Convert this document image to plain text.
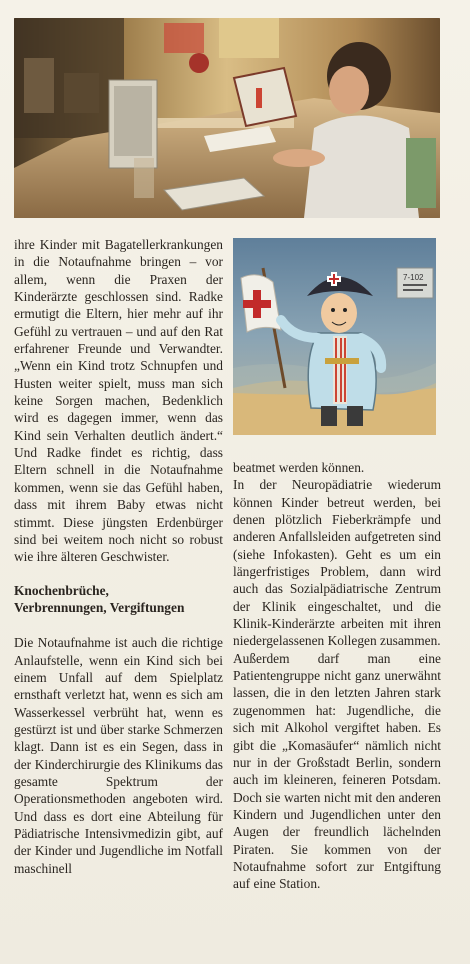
7-102

ihre Kinder mit Bagatellerkrankungen in die Notaufnahme bringen – vor allem, wenn die Praxen der Kinderärzte geschlossen sind. Radke ermutigt die Eltern, hier mehr auf ihr Gefühl zu vertrauen – und auf den Rat erfahrener Freunde und Verwandter. „Wenn ein Kind trotz Schnupfen und Husten weiter spielt, muss man sich keine Sorgen machen, Bedenklich wird es dagegen immer, wenn das Kind sein Verhalten deutlich ändert.“ Und Radke findet es richtig, dass Eltern schnell in die Notaufnahme kommen, wenn sie das Gefühl haben, dass mit ihrem Baby etwas nicht stimmt. Diese jüngsten Erdenbürger sind bei weitem noch nicht so robust wie ihre älteren Geschwister.

Knochenbrüche,

Verbrennungen, Vergiftungen

Die Notaufnahme ist auch die richtige Anlaufstelle, wenn ein Kind sich bei einem Unfall auf dem Spielplatz ernsthaft verletzt hat, wenn es sich am Wasserkessel verbrüht hat, wenn es gestürzt ist und über starke Schmerzen klagt. Dann ist es ein Segen, dass in der Kinderchirurgie des Klinikums das gesamte Spektrum der Operationsmethoden angeboten wird. Und dass es dort eine Abteilung für Pädiatrische Intensivmedizin gibt, auf der Kinder und Jugendliche im Notfall maschinell

beatmet werden können.

In der Neuropädiatrie wiederum können Kinder betreut werden, bei denen plötzlich Fieberkrämpfe und anderen Anfallsleiden aufgetreten sind (siehe Infokasten). Geht es um ein längerfristiges Problem, dann wird auch das Sozialpädiatrische Zentrum der Klinik eingeschaltet, und die Klinik-Kinderärzte arbeiten mit ihren niedergelassenen Kollegen zusammen.

Außerdem darf man eine Patientengruppe nicht ganz unerwähnt lassen, die in den letzten Jahren stark zugenommen hat: Jugendliche, die sich mit Alkohol vergiftet haben. Es gibt die „Komasäufer“ nämlich nicht nur in der Großstadt Berlin, sondern auch im kleineren, feineren Potsdam. Doch sie warten nicht mit den anderen Kindern und Jugendlichen unter den Augen der freundlich lächelnden Piraten. Sie kommen von der Notaufnahme sofort zur Entgiftung auf eine Station.
